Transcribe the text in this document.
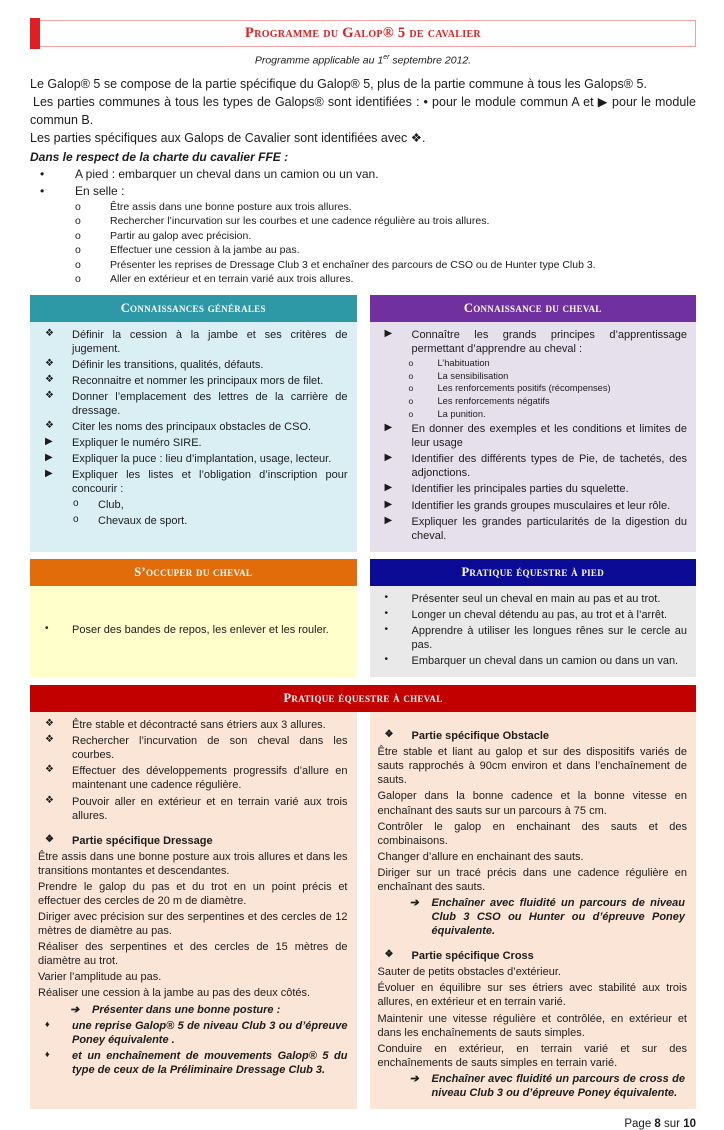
Programme du Galop® 5 de cavalier
Programme applicable au 1er septembre 2012.

Le Galop® 5 se compose de la partie spécifique du Galop® 5, plus de la partie commune à tous les Galops® 5.

Les parties communes à tous les types de Galops® sont identifiées : • pour le module commun A et ▶ pour le module commun B.

Les parties spécifiques aux Galops de Cavalier sont identifiées avec ❖.

Dans le respect de la charte du cavalier FFE :
•	A pied : embarquer un cheval dans un camion ou un van.
•	En selle :
o	Être assis dans une bonne posture aux trois allures.
o	Rechercher l’incurvation sur les courbes et une cadence régulière au trois allures.
o	Partir au galop avec précision.
o	Effectuer une cession à la jambe au pas.
o	Présenter les reprises de Dressage Club 3 et enchaîner des parcours de CSO ou de Hunter type Club 3.
o	Aller en extérieur et en terrain varié aux trois allures.
Connaissances générales
❖	Définir la cession à la jambe et ses critères de jugement.
❖	Définir les transitions, qualités, défauts.
❖	Reconnaitre et nommer les principaux mors de filet.
❖	Donner l’emplacement des lettres de la carrière de dressage.
❖	Citer les noms des principaux obstacles de CSO.
▶	Expliquer le numéro SIRE.
▶	Expliquer la puce : lieu d’implantation, usage, lecteur.
▶	Expliquer les listes et l’obligation d’inscription pour concourir :
o	Club,
o	Chevaux de sport.
Connaissance du cheval
▶	Connaître les grands principes d’apprentissage permettant d’apprendre au cheval :
o	L’habituation
o	La sensibilisation
o	Les renforcements positifs (récompenses)
o	Les renforcements négatifs
o	La punition.
▶	En donner des exemples et les conditions et limites de leur usage
▶	Identifier des différents types de Pie, de tachetés, des adjonctions.
▶	Identifier les principales parties du squelette.
▶	Identifier les grands groupes musculaires et leur rôle.
▶	Expliquer les grandes particularités de la digestion du cheval.
S’occuper du cheval
•	Poser des bandes de repos, les enlever et les rouler.
Pratique équestre à pied
•	Présenter seul un cheval en main au pas et au trot.
•	Longer un cheval détendu au pas, au trot et à l’arrêt.
•	Apprendre à utiliser les longues rênes sur le cercle au pas.
•	Embarquer un cheval dans un camion ou dans un van.
Pratique équestre à cheval
❖	Être stable et décontracté sans étriers aux 3 allures.
❖	Rechercher l’incurvation de son cheval dans les courbes.
❖	Effectuer des développements progressifs d’allure en maintenant une cadence régulière.
❖	Pouvoir aller en extérieur et en terrain varié aux trois allures.
❖	Partie spécifique Dressage
Être assis dans une bonne posture aux trois allures et dans les transitions montantes et descendantes.
Prendre le galop du pas et du trot en un point précis et effectuer des cercles de 20 m de diamètre.
Diriger avec précision sur des serpentines et des cercles de 12 mètres de diamètre au pas.
Réaliser des serpentines et des cercles de 15 mètres de diamètre au trot.
Varier l’amplitude au pas.
Réaliser une cession à la jambe au pas des deux côtés.
➔	Présenter dans une bonne posture :
♦	une reprise Galop® 5 de niveau Club 3 ou d’épreuve Poney équivalente .
♦	et un enchaînement de mouvements Galop® 5 du type de ceux de la Préliminaire Dressage Club 3.
❖	Partie spécifique Obstacle
Être stable et liant au galop et sur des dispositifs variés de sauts rapprochés à 90cm environ et dans l’enchaînement de sauts.
Galoper dans la bonne cadence et la bonne vitesse en enchaînant des sauts sur un parcours à 75 cm.
Contrôler le galop en enchainant des sauts et des combinaisons.
Changer d’allure en enchainant des sauts.
Diriger sur un tracé précis dans une cadence régulière en enchaînant des sauts.
➔	Enchaîner avec fluidité un parcours de niveau Club 3 CSO ou Hunter ou d’épreuve Poney équivalente.
❖	Partie spécifique Cross
Sauter de petits obstacles d’extérieur.
Évoluer en équilibre sur ses étriers avec stabilité aux trois allures, en extérieur et en terrain varié.
Maintenir une vitesse régulière et contrôlée, en extérieur et dans les enchaînements de sauts simples.
Conduire en extérieur, en terrain varié et sur des enchaînements de sauts simples en terrain varié.
➔	Enchaîner avec fluidité un parcours de cross de niveau Club 3 ou d’épreuve Poney équivalente.
Page 8 sur 10
